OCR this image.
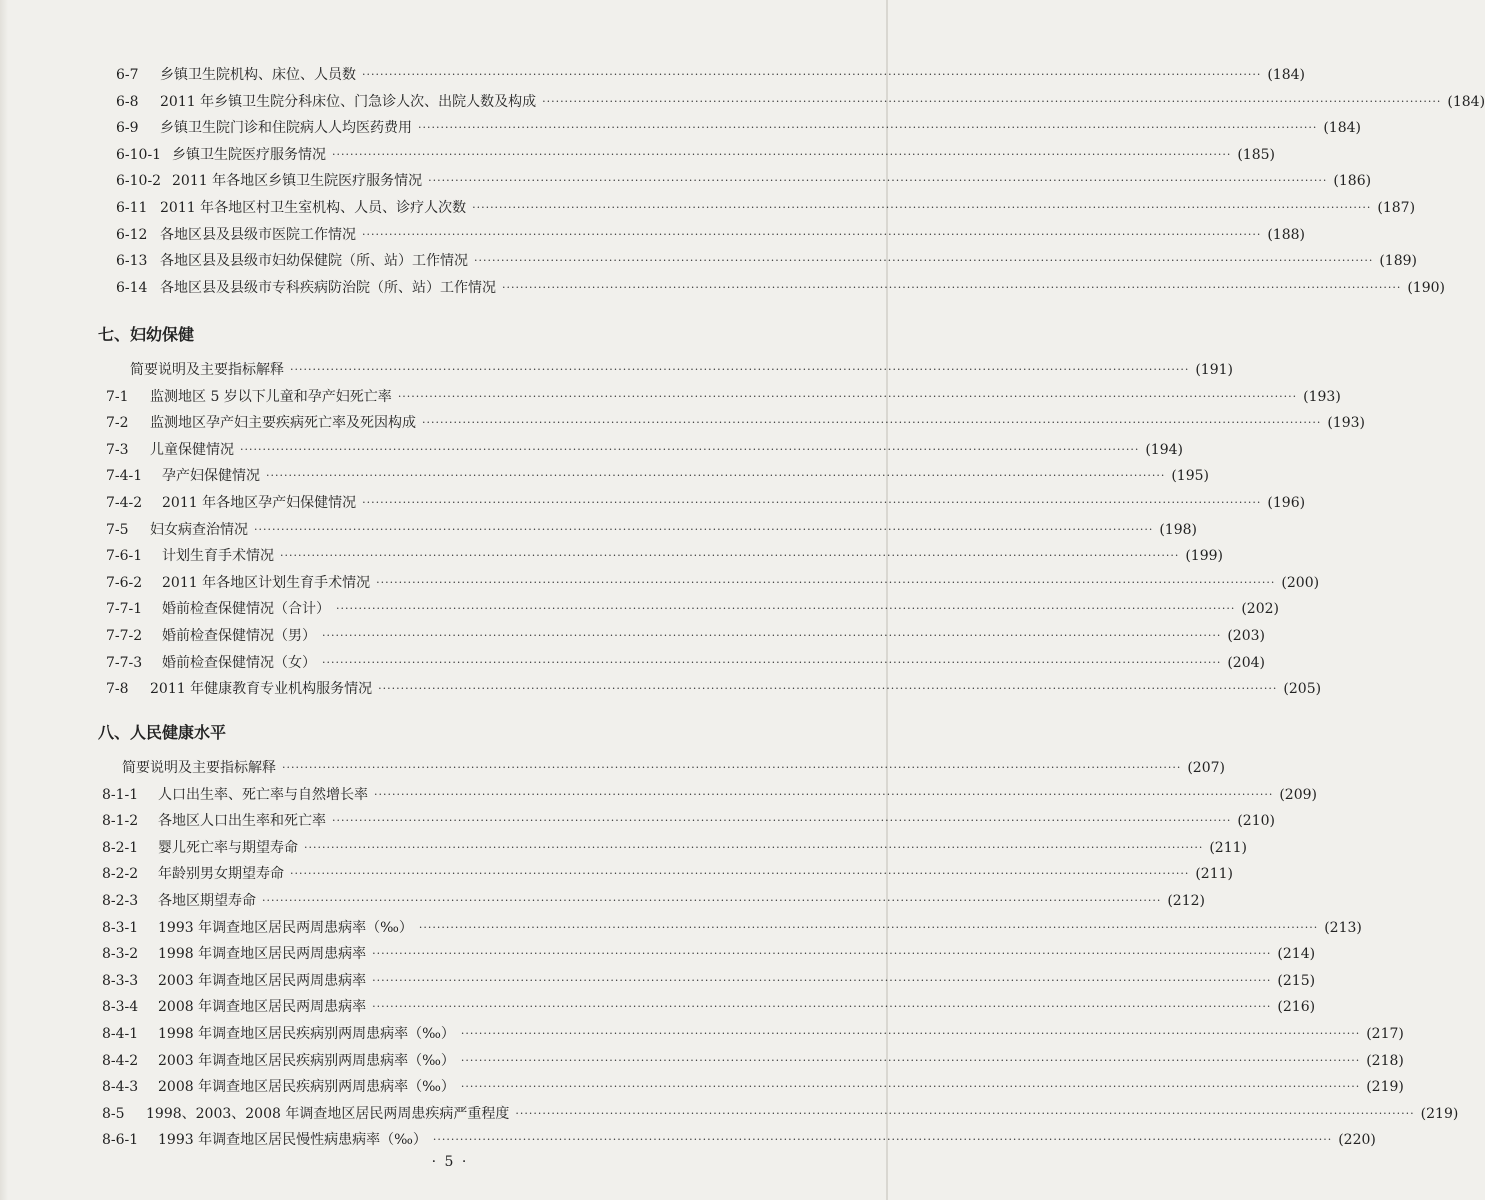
6-7	乡镇卫生院机构、床位、人员数 ········································································································································································································ (184)
6-8	2011 年乡镇卫生院分科床位、门急诊人次、出院人数及构成 ········································································································································································································ (184)
6-9	乡镇卫生院门诊和住院病人人均医药费用 ········································································································································································································ (184)
6-10-1 乡镇卫生院医疗服务情况 ········································································································································································································ (185)
6-10-2 2011 年各地区乡镇卫生院医疗服务情况 ········································································································································································································ (186)
6-11 2011 年各地区村卫生室机构、人员、诊疗人次数 ········································································································································································································ (187)
6-12 各地区县及县级市医院工作情况 ········································································································································································································ (188)
6-13 各地区县及县级市妇幼保健院（所、站）工作情况 ········································································································································································································ (189)
6-14 各地区县及县级市专科疾病防治院（所、站）工作情况 ········································································································································································································ (190)
七、妇幼保健
简要说明及主要指标解释 ········································································································································································································ (191)
7-1	监测地区 5 岁以下儿童和孕产妇死亡率 ········································································································································································································ (193)
7-2	监测地区孕产妇主要疾病死亡率及死因构成 ········································································································································································································ (193)
7-3	儿童保健情况 ········································································································································································································ (194)
7-4-1	孕产妇保健情况 ········································································································································································································ (195)
7-4-2	2011 年各地区孕产妇保健情况 ········································································································································································································ (196)
7-5	妇女病查治情况 ········································································································································································································ (198)
7-6-1	计划生育手术情况 ········································································································································································································ (199)
7-6-2	2011 年各地区计划生育手术情况 ········································································································································································································ (200)
7-7-1	婚前检查保健情况（合计） ········································································································································································································ (202)
7-7-2	婚前检查保健情况（男） ········································································································································································································ (203)
7-7-3	婚前检查保健情况（女） ········································································································································································································ (204)
7-8	2011 年健康教育专业机构服务情况 ········································································································································································································ (205)
八、人民健康水平
简要说明及主要指标解释 ········································································································································································································ (207)
8-1-1	人口出生率、死亡率与自然增长率 ········································································································································································································ (209)
8-1-2	各地区人口出生率和死亡率 ········································································································································································································ (210)
8-2-1	婴儿死亡率与期望寿命 ········································································································································································································ (211)
8-2-2	年龄别男女期望寿命 ········································································································································································································ (211)
8-2-3	各地区期望寿命 ········································································································································································································ (212)
8-3-1	1993 年调查地区居民两周患病率（‰） ········································································································································································································ (213)
8-3-2	1998 年调查地区居民两周患病率 ········································································································································································································ (214)
8-3-3	2003 年调查地区居民两周患病率 ········································································································································································································ (215)
8-3-4	2008 年调查地区居民两周患病率 ········································································································································································································ (216)
8-4-1	1998 年调查地区居民疾病别两周患病率（‰） ········································································································································································································ (217)
8-4-2	2003 年调查地区居民疾病别两周患病率（‰） ········································································································································································································ (218)
8-4-3	2008 年调查地区居民疾病别两周患病率（‰） ········································································································································································································ (219)
8-5	1998、2003、2008 年调查地区居民两周患疾病严重程度 ········································································································································································································ (219)
8-6-1	1993 年调查地区居民慢性病患病率（‰） ········································································································································································································ (220)
· 5 ·
